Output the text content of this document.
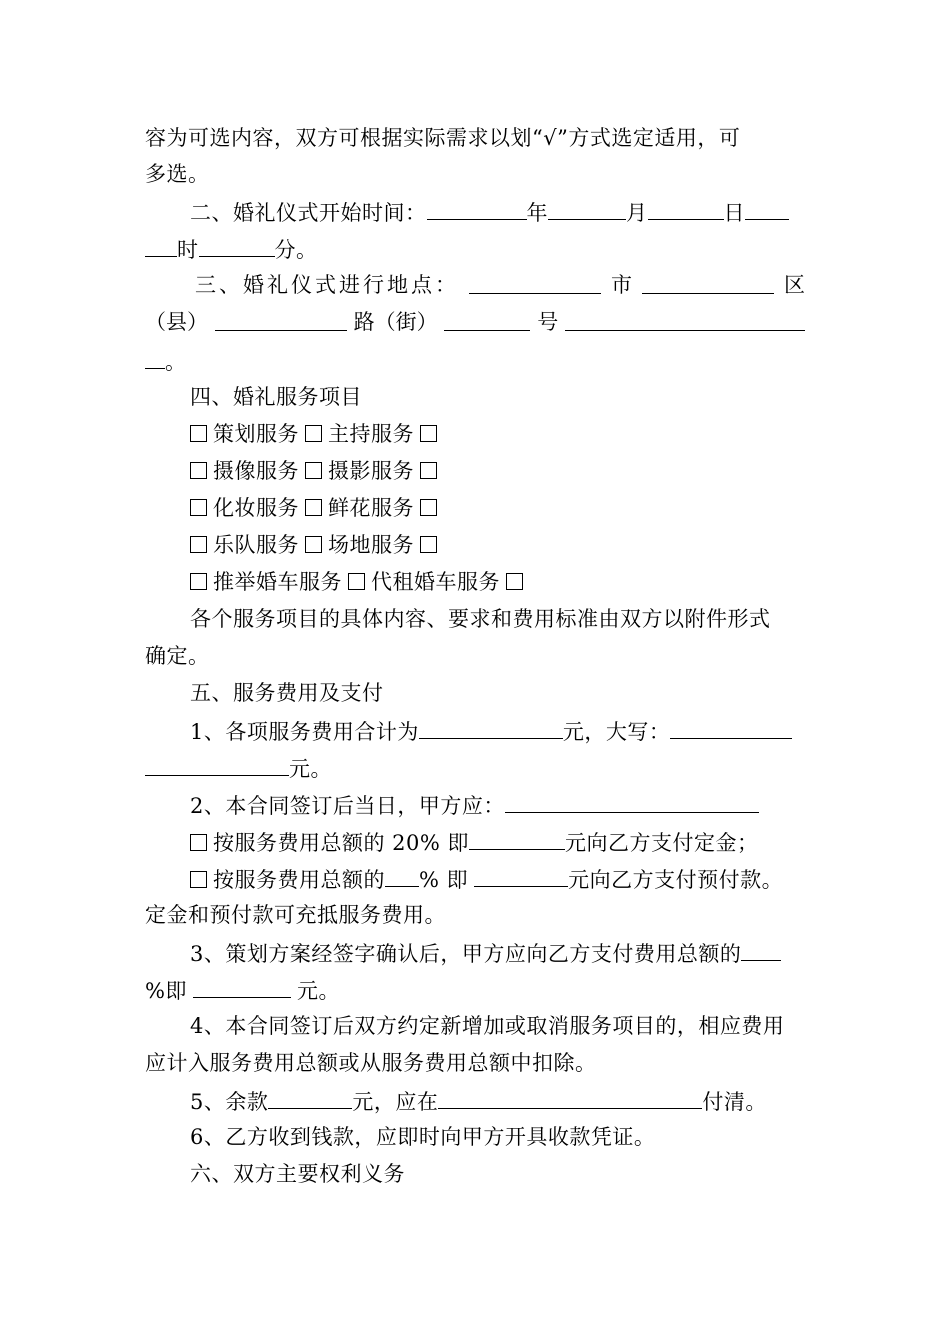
容为可选内容，双方可根据实际需求以划“√”方式选定适用，可
多选。
二、婚礼仪式开始时间：	年	月	日
时	分。
三、婚礼仪式进行地点：	市	区
（县）	路（街）	号
。
四、婚礼服务项目
策划服务 主持服务
摄像服务 摄影服务
化妆服务 鲜花服务
乐队服务 场地服务
推举婚车服务 代租婚车服务
各个服务项目的具体内容、要求和费用标准由双方以附件形式
确定。
五、服务费用及支付
1、各项服务费用合计为	元，大写：
元。
2、本合同签订后当日，甲方应：
按服务费用总额的 20% 即	元向乙方支付定金；
按服务费用总额的 % 即	元向乙方支付预付款。
定金和预付款可充抵服务费用。
3、策划方案经签字确认后，甲方应向乙方支付费用总额的
%即	元。
4、本合同签订后双方约定新增加或取消服务项目的，相应费用
应计入服务费用总额或从服务费用总额中扣除。
5、余款	元，应在	付清。
6、乙方收到钱款，应即时向甲方开具收款凭证。
六、双方主要权利义务
